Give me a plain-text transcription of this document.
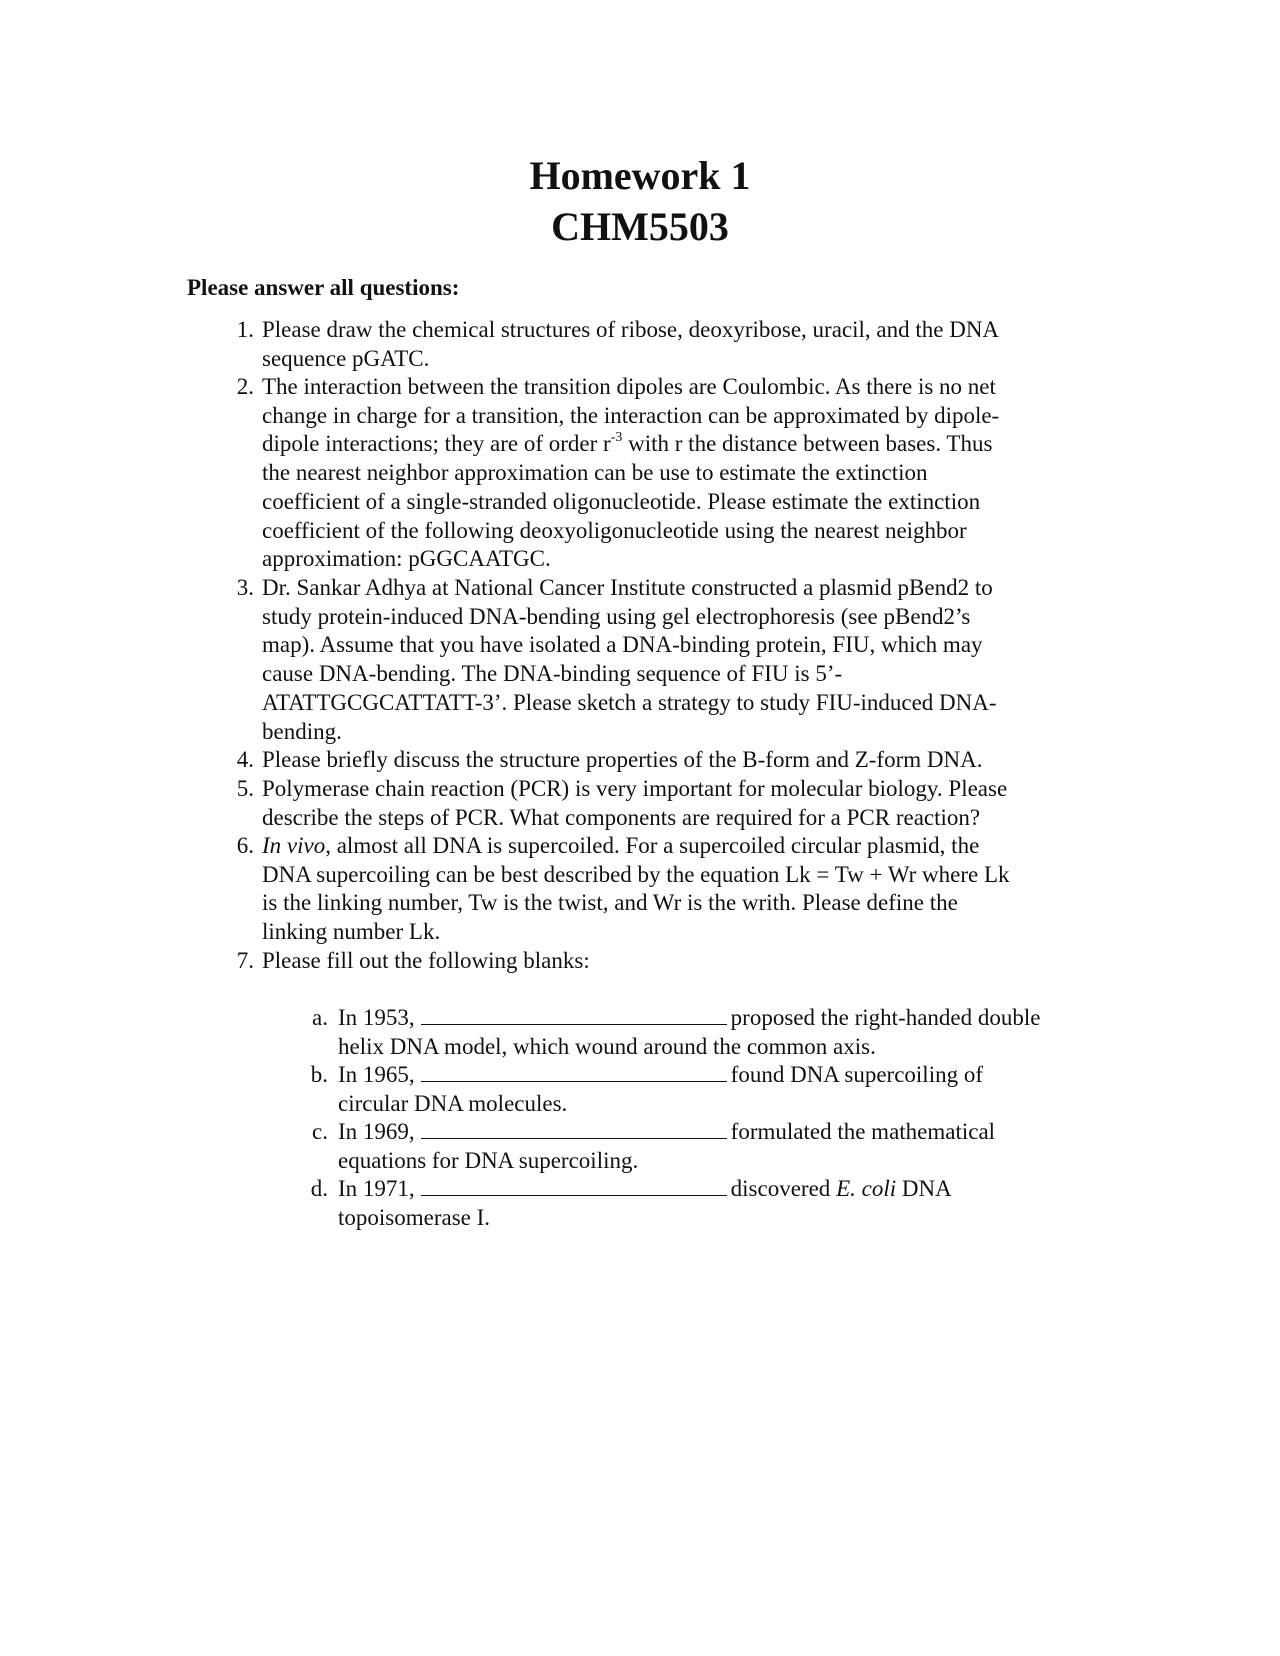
Homework 1
CHM5503
Please answer all questions:
1. Please draw the chemical structures of ribose, deoxyribose, uracil, and the DNA
sequence pGATC.
2. The interaction between the transition dipoles are Coulombic. As there is no net
change in charge for a transition, the interaction can be approximated by dipole-
dipole interactions; they are of order $r^{-3}$ with r the distance between bases. Thus
the nearest neighbor approximation can be use to estimate the extinction
coefficient of a single-stranded oligonucleotide. Please estimate the extinction
coefficient of the following deoxyoligonucleotide using the nearest neighbor
approximation: pGGCAATGC.
3. Dr. Sankar Adhya at National Cancer Institute constructed a plasmid pBend2 to
study protein-induced DNA-bending using gel electrophoresis (see pBend2’s
map). Assume that you have isolated a DNA-binding protein, FIU, which may
cause DNA-bending. The DNA-binding sequence of FIU is 5’-
ATATTGCGCATTATT-3’. Please sketch a strategy to study FIU-induced DNA-
bending.
4. Please briefly discuss the structure properties of the B-form and Z-form DNA.
5. Polymerase chain reaction (PCR) is very important for molecular biology. Please
describe the steps of PCR. What components are required for a PCR reaction?
6. In vivo, almost all DNA is supercoiled. For a supercoiled circular plasmid, the
DNA supercoiling can be best described by the equation Lk = Tw + Wr where Lk
is the linking number, Tw is the twist, and Wr is the writh. Please define the
linking number Lk.
7. Please fill out the following blanks:
a. In 1953,	proposed the right-handed double
helix DNA model, which wound around the common axis.
b. In 1965,	found DNA supercoiling of
circular DNA molecules.
c. In 1969,	formulated the mathematical
equations for DNA supercoiling.
d. In 1971,	discovered E. coli DNA
topoisomerase I.
